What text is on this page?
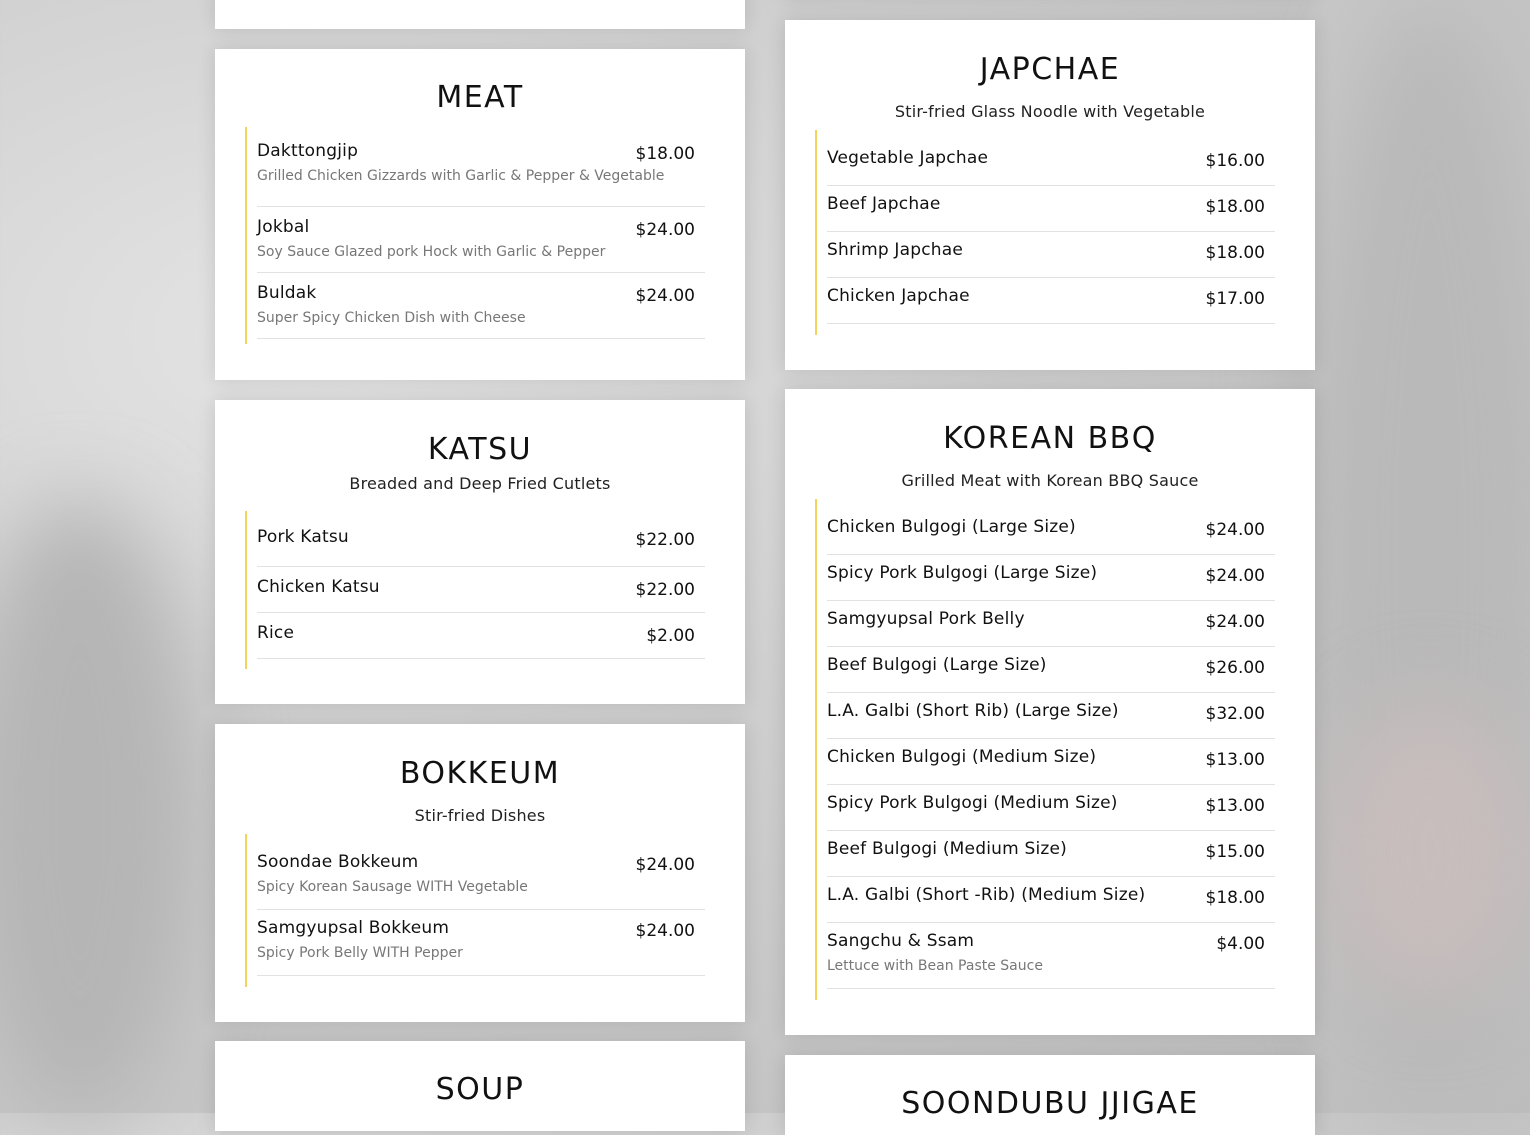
MEAT
Dakttongjip	$18.00
Grilled Chicken Gizzards with Garlic & Pepper & Vegetable
Jokbal	$24.00
Soy Sauce Glazed pork Hock with Garlic & Pepper
Buldak	$24.00
Super Spicy Chicken Dish with Cheese
KATSU
Breaded and Deep Fried Cutlets
Pork Katsu	$22.00
Chicken Katsu	$22.00
Rice	$2.00
BOKKEUM
Stir-fried Dishes
Soondae Bokkeum	$24.00
Spicy Korean Sausage WITH Vegetable
Samgyupsal Bokkeum	$24.00
Spicy Pork Belly WITH Pepper
SOUP
JAPCHAE
Stir-fried Glass Noodle with Vegetable
Vegetable Japchae	$16.00
Beef Japchae	$18.00
Shrimp Japchae	$18.00
Chicken Japchae	$17.00
KOREAN BBQ
Grilled Meat with Korean BBQ Sauce
Chicken Bulgogi (Large Size)	$24.00
Spicy Pork Bulgogi (Large Size)	$24.00
Samgyupsal Pork Belly	$24.00
Beef Bulgogi (Large Size)	$26.00
L.A. Galbi (Short Rib) (Large Size)	$32.00
Chicken Bulgogi (Medium Size)	$13.00
Spicy Pork Bulgogi (Medium Size)	$13.00
Beef Bulgogi (Medium Size)	$15.00
L.A. Galbi (Short -Rib) (Medium Size)	$18.00
Sangchu & Ssam	$4.00
Lettuce with Bean Paste Sauce
SOONDUBU JJIGAE
